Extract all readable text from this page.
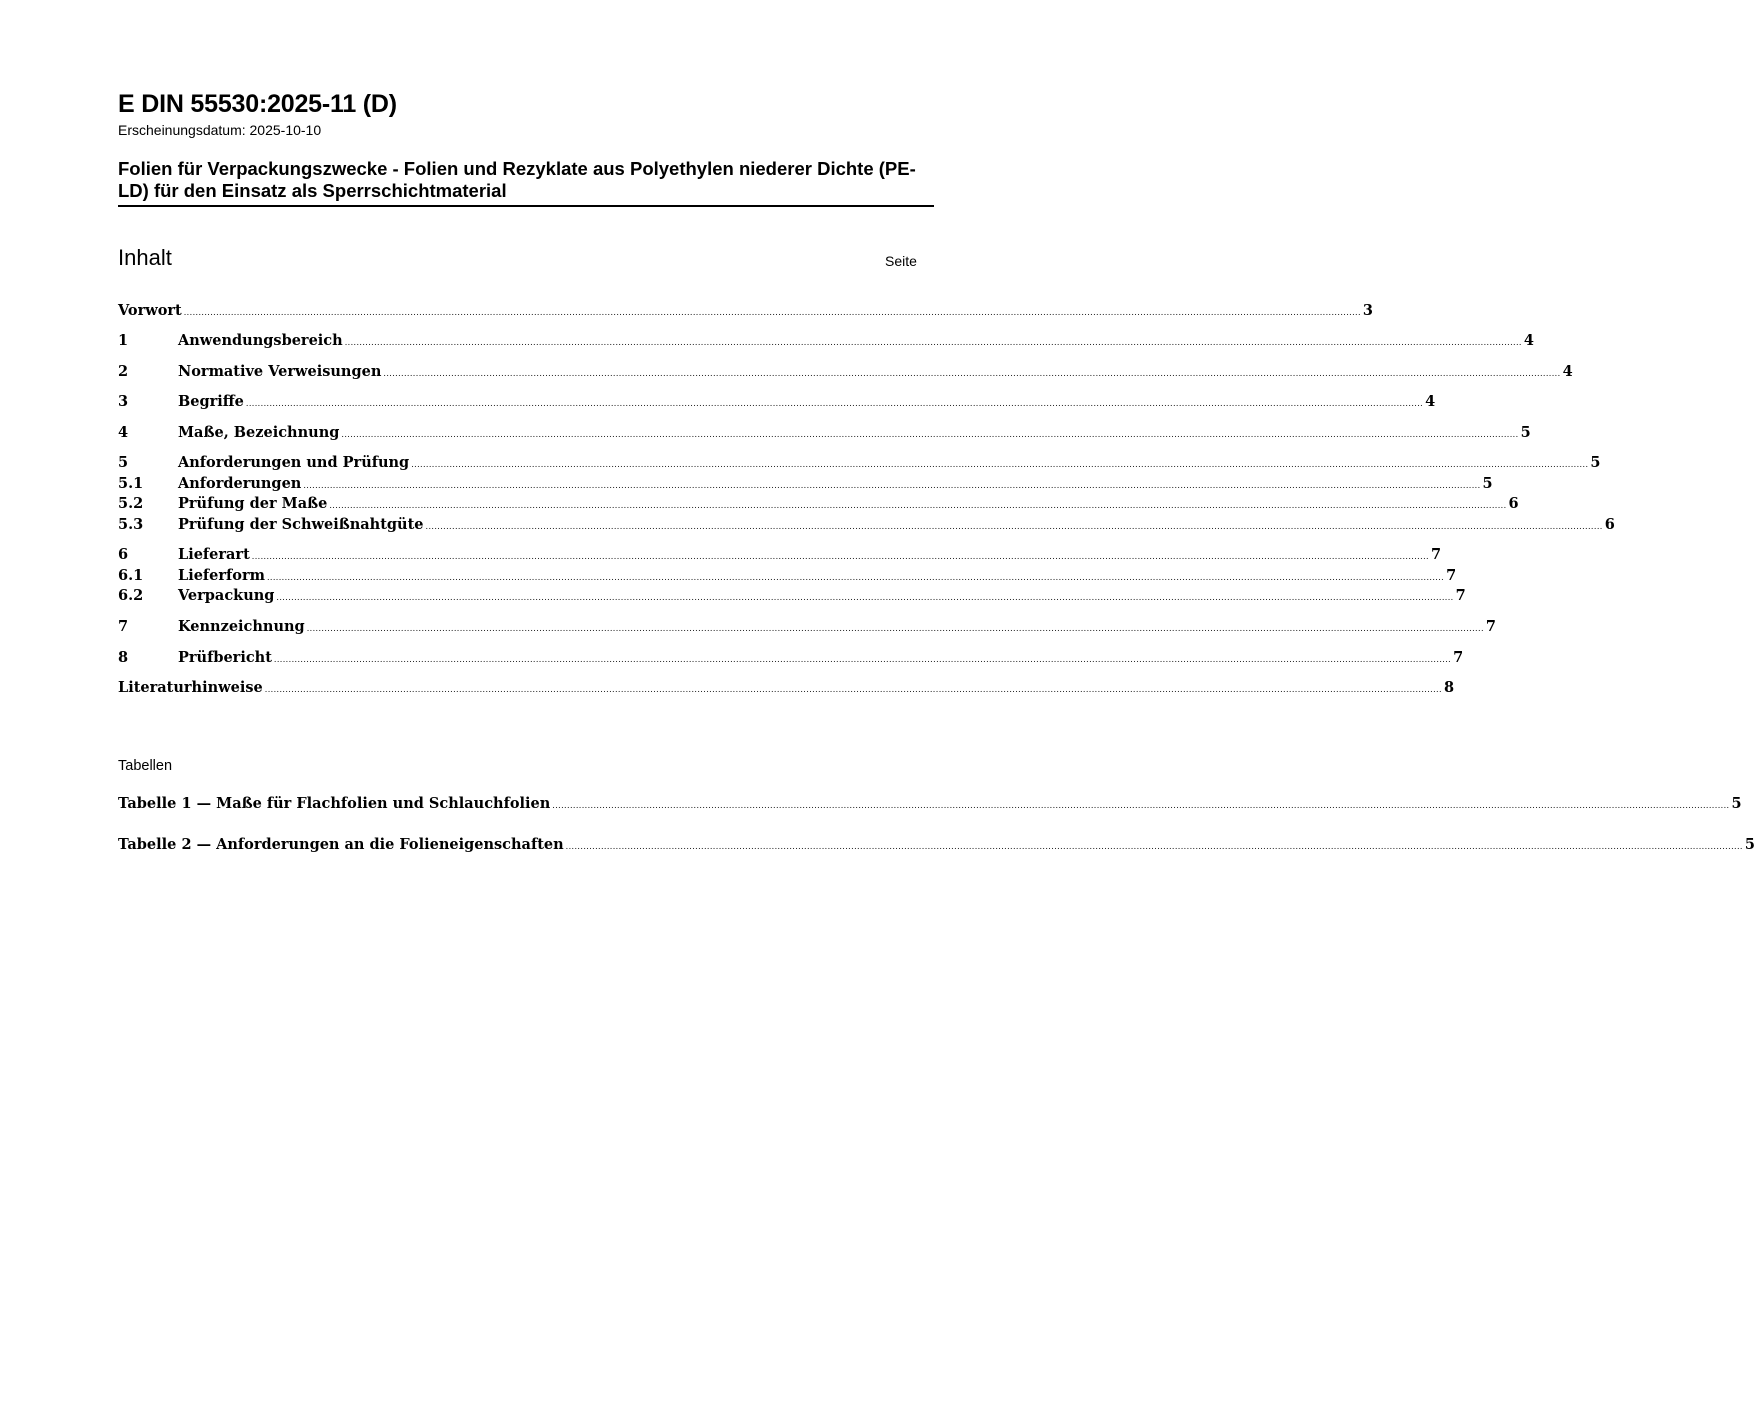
E DIN 55530:2025-11 (D)
Erscheinungsdatum: 2025-10-10
Folien für Verpackungszwecke - Folien und Rezyklate aus Polyethylen niederer Dichte (PE-LD) für den Einsatz als Sperrschichtmaterial
Inhalt	Seite
Vorwort ................................................................................................................................................................................................................................................................................................................................................................................................................ 3
1	Anwendungsbereich ................................................................................................................................................................................................................................................................................................................................................................................................................ 4
2	Normative Verweisungen ................................................................................................................................................................................................................................................................................................................................................................................................................ 4
3	Begriffe ................................................................................................................................................................................................................................................................................................................................................................................................................ 4
4	Maße, Bezeichnung ................................................................................................................................................................................................................................................................................................................................................................................................................ 5
5	Anforderungen und Prüfung ................................................................................................................................................................................................................................................................................................................................................................................................................ 5
5.1	Anforderungen ................................................................................................................................................................................................................................................................................................................................................................................................................ 5
5.2	Prüfung der Maße ................................................................................................................................................................................................................................................................................................................................................................................................................ 6
5.3	Prüfung der Schweißnahtgüte ................................................................................................................................................................................................................................................................................................................................................................................................................ 6
6	Lieferart ................................................................................................................................................................................................................................................................................................................................................................................................................ 7
6.1	Lieferform ................................................................................................................................................................................................................................................................................................................................................................................................................ 7
6.2	Verpackung ................................................................................................................................................................................................................................................................................................................................................................................................................ 7
7	Kennzeichnung ................................................................................................................................................................................................................................................................................................................................................................................................................ 7
8	Prüfbericht ................................................................................................................................................................................................................................................................................................................................................................................................................ 7
Literaturhinweise ................................................................................................................................................................................................................................................................................................................................................................................................................ 8
Tabellen
Tabelle 1 — Maße für Flachfolien und Schlauchfolien ................................................................................................................................................................................................................................................................................................................................................................................................................ 5
Tabelle 2 — Anforderungen an die Folieneigenschaften ................................................................................................................................................................................................................................................................................................................................................................................................................ 5
